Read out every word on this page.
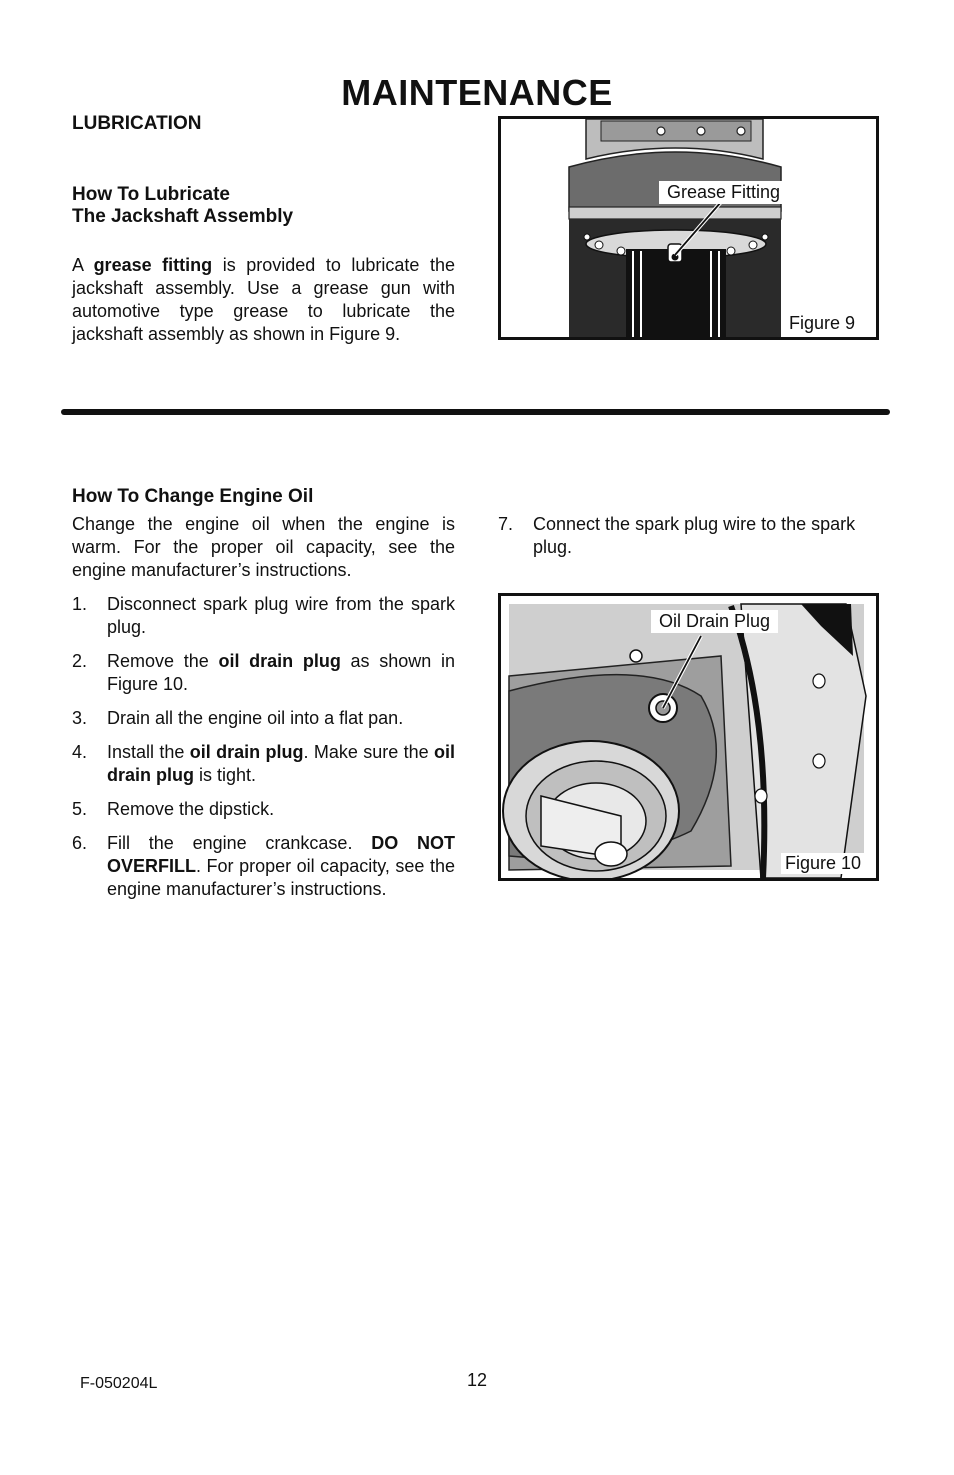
MAINTENANCE
LUBRICATION
How To Lubricate
The Jackshaft Assembly
A grease fitting is provided to lubricate the jackshaft assembly. Use a grease gun with automotive type grease to lubricate the jackshaft assembly as shown in Figure 9.
Grease Fitting
Figure 9
How To Change Engine Oil
Change the engine oil when the engine is warm. For the proper oil capacity, see the engine manufacturer’s instructions.
1. Disconnect spark plug wire from the spark plug.
2. Remove the oil drain plug as shown in Figure 10.
3. Drain all the engine oil into a flat pan.
4. Install the oil drain plug. Make sure the oil drain plug is tight.
5. Remove the dipstick.
6. Fill the engine crankcase. DO NOT OVERFILL. For proper oil capacity, see the engine manufacturer’s instructions.
7. Connect the spark plug wire to the spark plug.
Oil Drain Plug
Figure 10
F-050204L	12
